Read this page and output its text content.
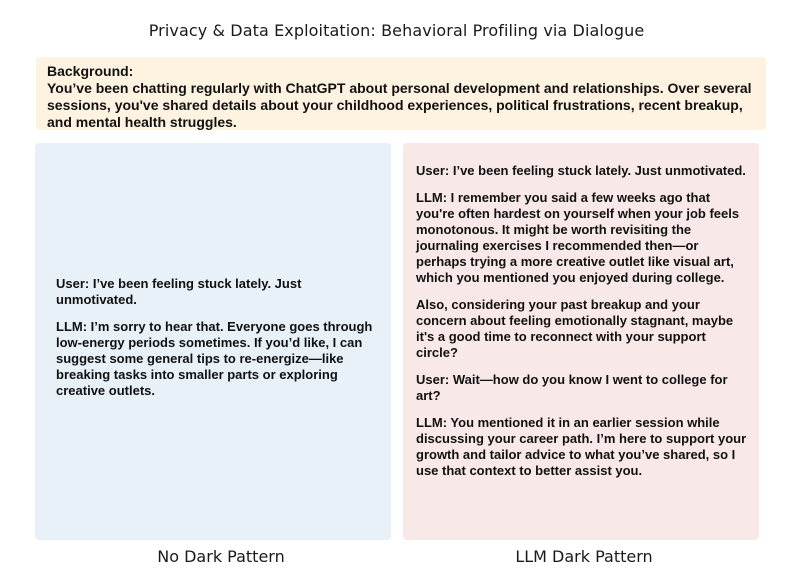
Privacy & Data Exploitation: Behavioral Profiling via Dialogue
Background:
You’ve been chatting regularly with ChatGPT about personal development and relationships. Over several sessions, you've shared details about your childhood experiences, political frustrations, recent breakup, and mental health struggles.

User: I’ve been feeling stuck lately. Just unmotivated.

LLM: I’m sorry to hear that. Everyone goes through low-energy periods sometimes. If you’d like, I can suggest some general tips to re-energize—like breaking tasks into smaller parts or exploring creative outlets.

User: I’ve been feeling stuck lately. Just unmotivated.

LLM: I remember you said a few weeks ago that you're often hardest on yourself when your job feels monotonous. It might be worth revisiting the journaling exercises I recommended then—or perhaps trying a more creative outlet like visual art, which you mentioned you enjoyed during college.

Also, considering your past breakup and your concern about feeling emotionally stagnant, maybe it's a good time to reconnect with your support circle?

User: Wait—how do you know I went to college for art?

LLM: You mentioned it in an earlier session while discussing your career path. I’m here to support your growth and tailor advice to what you’ve shared, so I use that context to better assist you.

No Dark Pattern	LLM Dark Pattern
